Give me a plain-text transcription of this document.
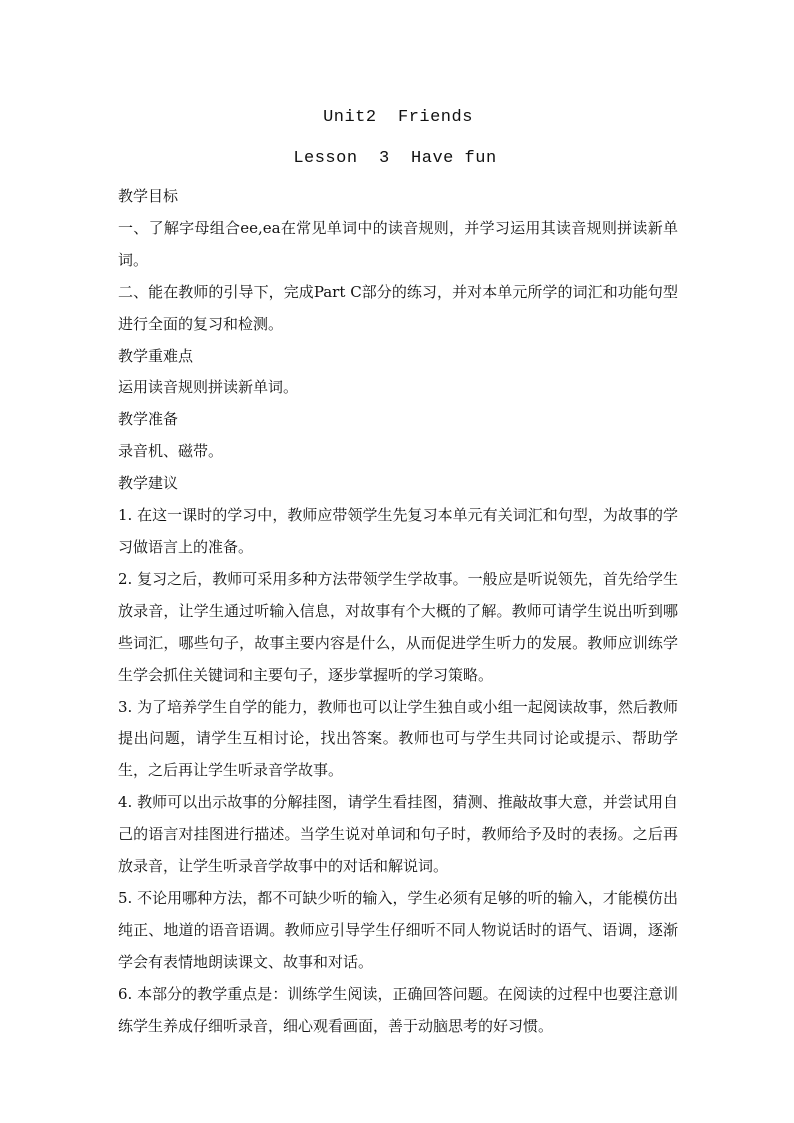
Unit2  Friends
Lesson  3  Have fun

教学目标

一、了解字母组合ee,ea在常见单词中的读音规则，并学习运用其读音规则拼读新单词。

二、能在教师的引导下，完成Part C部分的练习，并对本单元所学的词汇和功能句型进行全面的复习和检测。

教学重难点

运用读音规则拼读新单词。

教学准备

录音机、磁带。

教学建议

1. 在这一课时的学习中，教师应带领学生先复习本单元有关词汇和句型，为故事的学习做语言上的准备。

2. 复习之后，教师可采用多种方法带领学生学故事。一般应是听说领先，首先给学生放录音，让学生通过听输入信息，对故事有个大概的了解。教师可请学生说出听到哪些词汇，哪些句子，故事主要内容是什么，从而促进学生听力的发展。教师应训练学生学会抓住关键词和主要句子，逐步掌握听的学习策略。

3. 为了培养学生自学的能力，教师也可以让学生独自或小组一起阅读故事，然后教师提出问题，请学生互相讨论，找出答案。教师也可与学生共同讨论或提示、帮助学生，之后再让学生听录音学故事。

4. 教师可以出示故事的分解挂图，请学生看挂图，猜测、推敲故事大意，并尝试用自己的语言对挂图进行描述。当学生说对单词和句子时，教师给予及时的表扬。之后再放录音，让学生听录音学故事中的对话和解说词。

5. 不论用哪种方法，都不可缺少听的输入，学生必须有足够的听的输入，才能模仿出纯正、地道的语音语调。教师应引导学生仔细听不同人物说话时的语气、语调，逐渐学会有表情地朗读课文、故事和对话。

6. 本部分的教学重点是：训练学生阅读，正确回答问题。在阅读的过程中也要注意训练学生养成仔细听录音，细心观看画面，善于动脑思考的好习惯。
